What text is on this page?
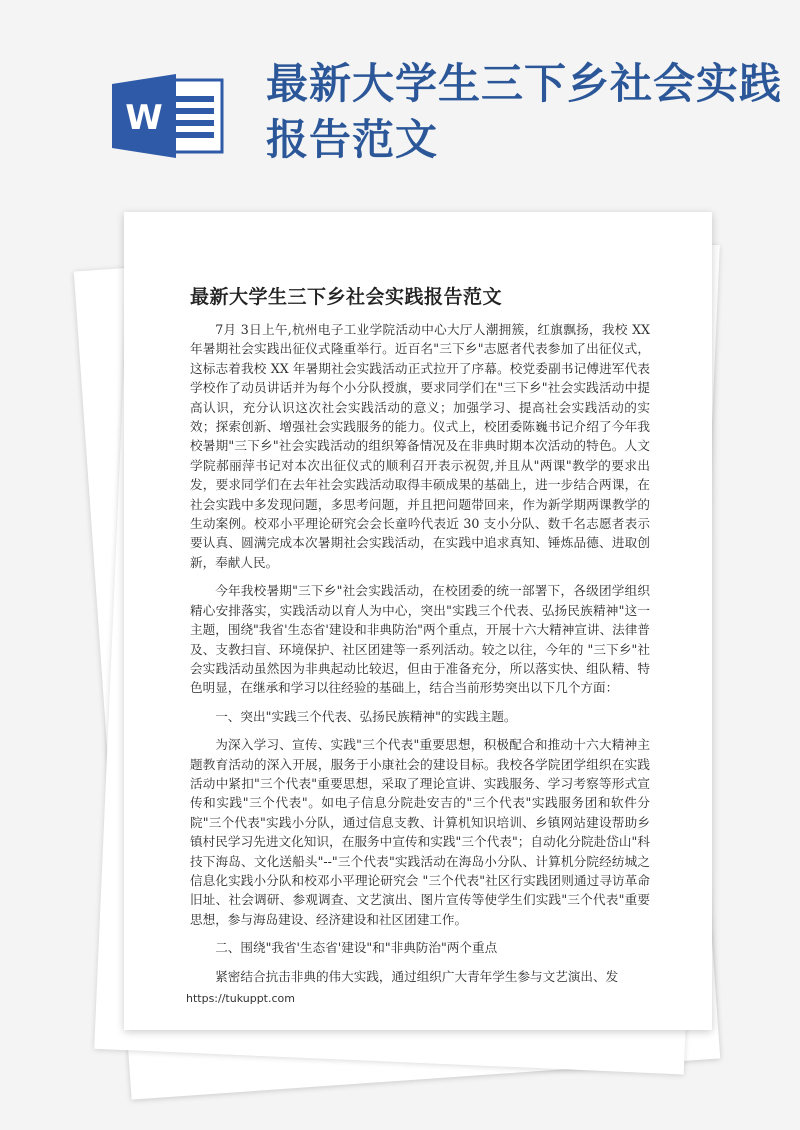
W
最新大学生三下乡社会实践报告范文
最新大学生三下乡社会实践报告范文

7月 3日上午,杭州电子工业学院活动中心大厅人潮拥簇，红旗飘扬，我校 XX 年暑期社会实践出征仪式隆重举行。近百名"三下乡"志愿者代表参加了出征仪式，这标志着我校 XX 年暑期社会实践活动正式拉开了序幕。校党委副书记傅进军代表学校作了动员讲话并为每个小分队授旗，要求同学们在"三下乡"社会实践活动中提高认识，充分认识这次社会实践活动的意义；加强学习、提高社会实践活动的实效；探索创新、增强社会实践服务的能力。仪式上，校团委陈巍书记介绍了今年我校暑期"三下乡"社会实践活动的组织筹备情况及在非典时期本次活动的特色。人文学院郝丽萍书记对本次出征仪式的顺利召开表示祝贺,并且从"两课"教学的要求出发，要求同学们在去年社会实践活动取得丰硕成果的基础上，进一步结合两课，在社会实践中多发现问题，多思考问题，并且把问题带回来，作为新学期两课教学的生动案例。校邓小平理论研究会会长童吟代表近 30 支小分队、数千名志愿者表示要认真、圆满完成本次暑期社会实践活动，在实践中追求真知、锤炼品德、进取创新，奉献人民。

今年我校暑期"三下乡"社会实践活动，在校团委的统一部署下，各级团学组织精心安排落实，实践活动以育人为中心，突出"实践三个代表、弘扬民族精神"这一主题，围绕"我省'生态省'建设和非典防治"两个重点，开展十六大精神宣讲、法律普及、支教扫盲、环境保护、社区团建等一系列活动。较之以往，今年的 "三下乡"社会实践活动虽然因为非典起动比较迟，但由于准备充分，所以落实快、组队精、特色明显，在继承和学习以往经验的基础上，结合当前形势突出以下几个方面：

一、突出"实践三个代表、弘扬民族精神"的实践主题。

为深入学习、宣传、实践"三个代表"重要思想，积极配合和推动十六大精神主题教育活动的深入开展，服务于小康社会的建设目标。我校各学院团学组织在实践活动中紧扣"三个代表"重要思想，采取了理论宣讲、实践服务、学习考察等形式宣传和实践"三个代表"。如电子信息分院赴安吉的"三个代表"实践服务团和软件分院"三个代表"实践小分队，通过信息支教、计算机知识培训、乡镇网站建设帮助乡镇村民学习先进文化知识，在服务中宣传和实践"三个代表"；自动化分院赴岱山"科技下海岛、文化送船头"--"三个代表"实践活动在海岛小分队、计算机分院经纺城之信息化实践小分队和校邓小平理论研究会 "三个代表"社区行实践团则通过寻访革命旧址、社会调研、参观调查、文艺演出、图片宣传等使学生们实践"三个代表"重要思想，参与海岛建设、经济建设和社区团建工作。

二、围绕"我省'生态省'建设"和"非典防治"两个重点

紧密结合抗击非典的伟大实践，通过组织广大青年学生参与文艺演出、发

https://tukuppt.com
